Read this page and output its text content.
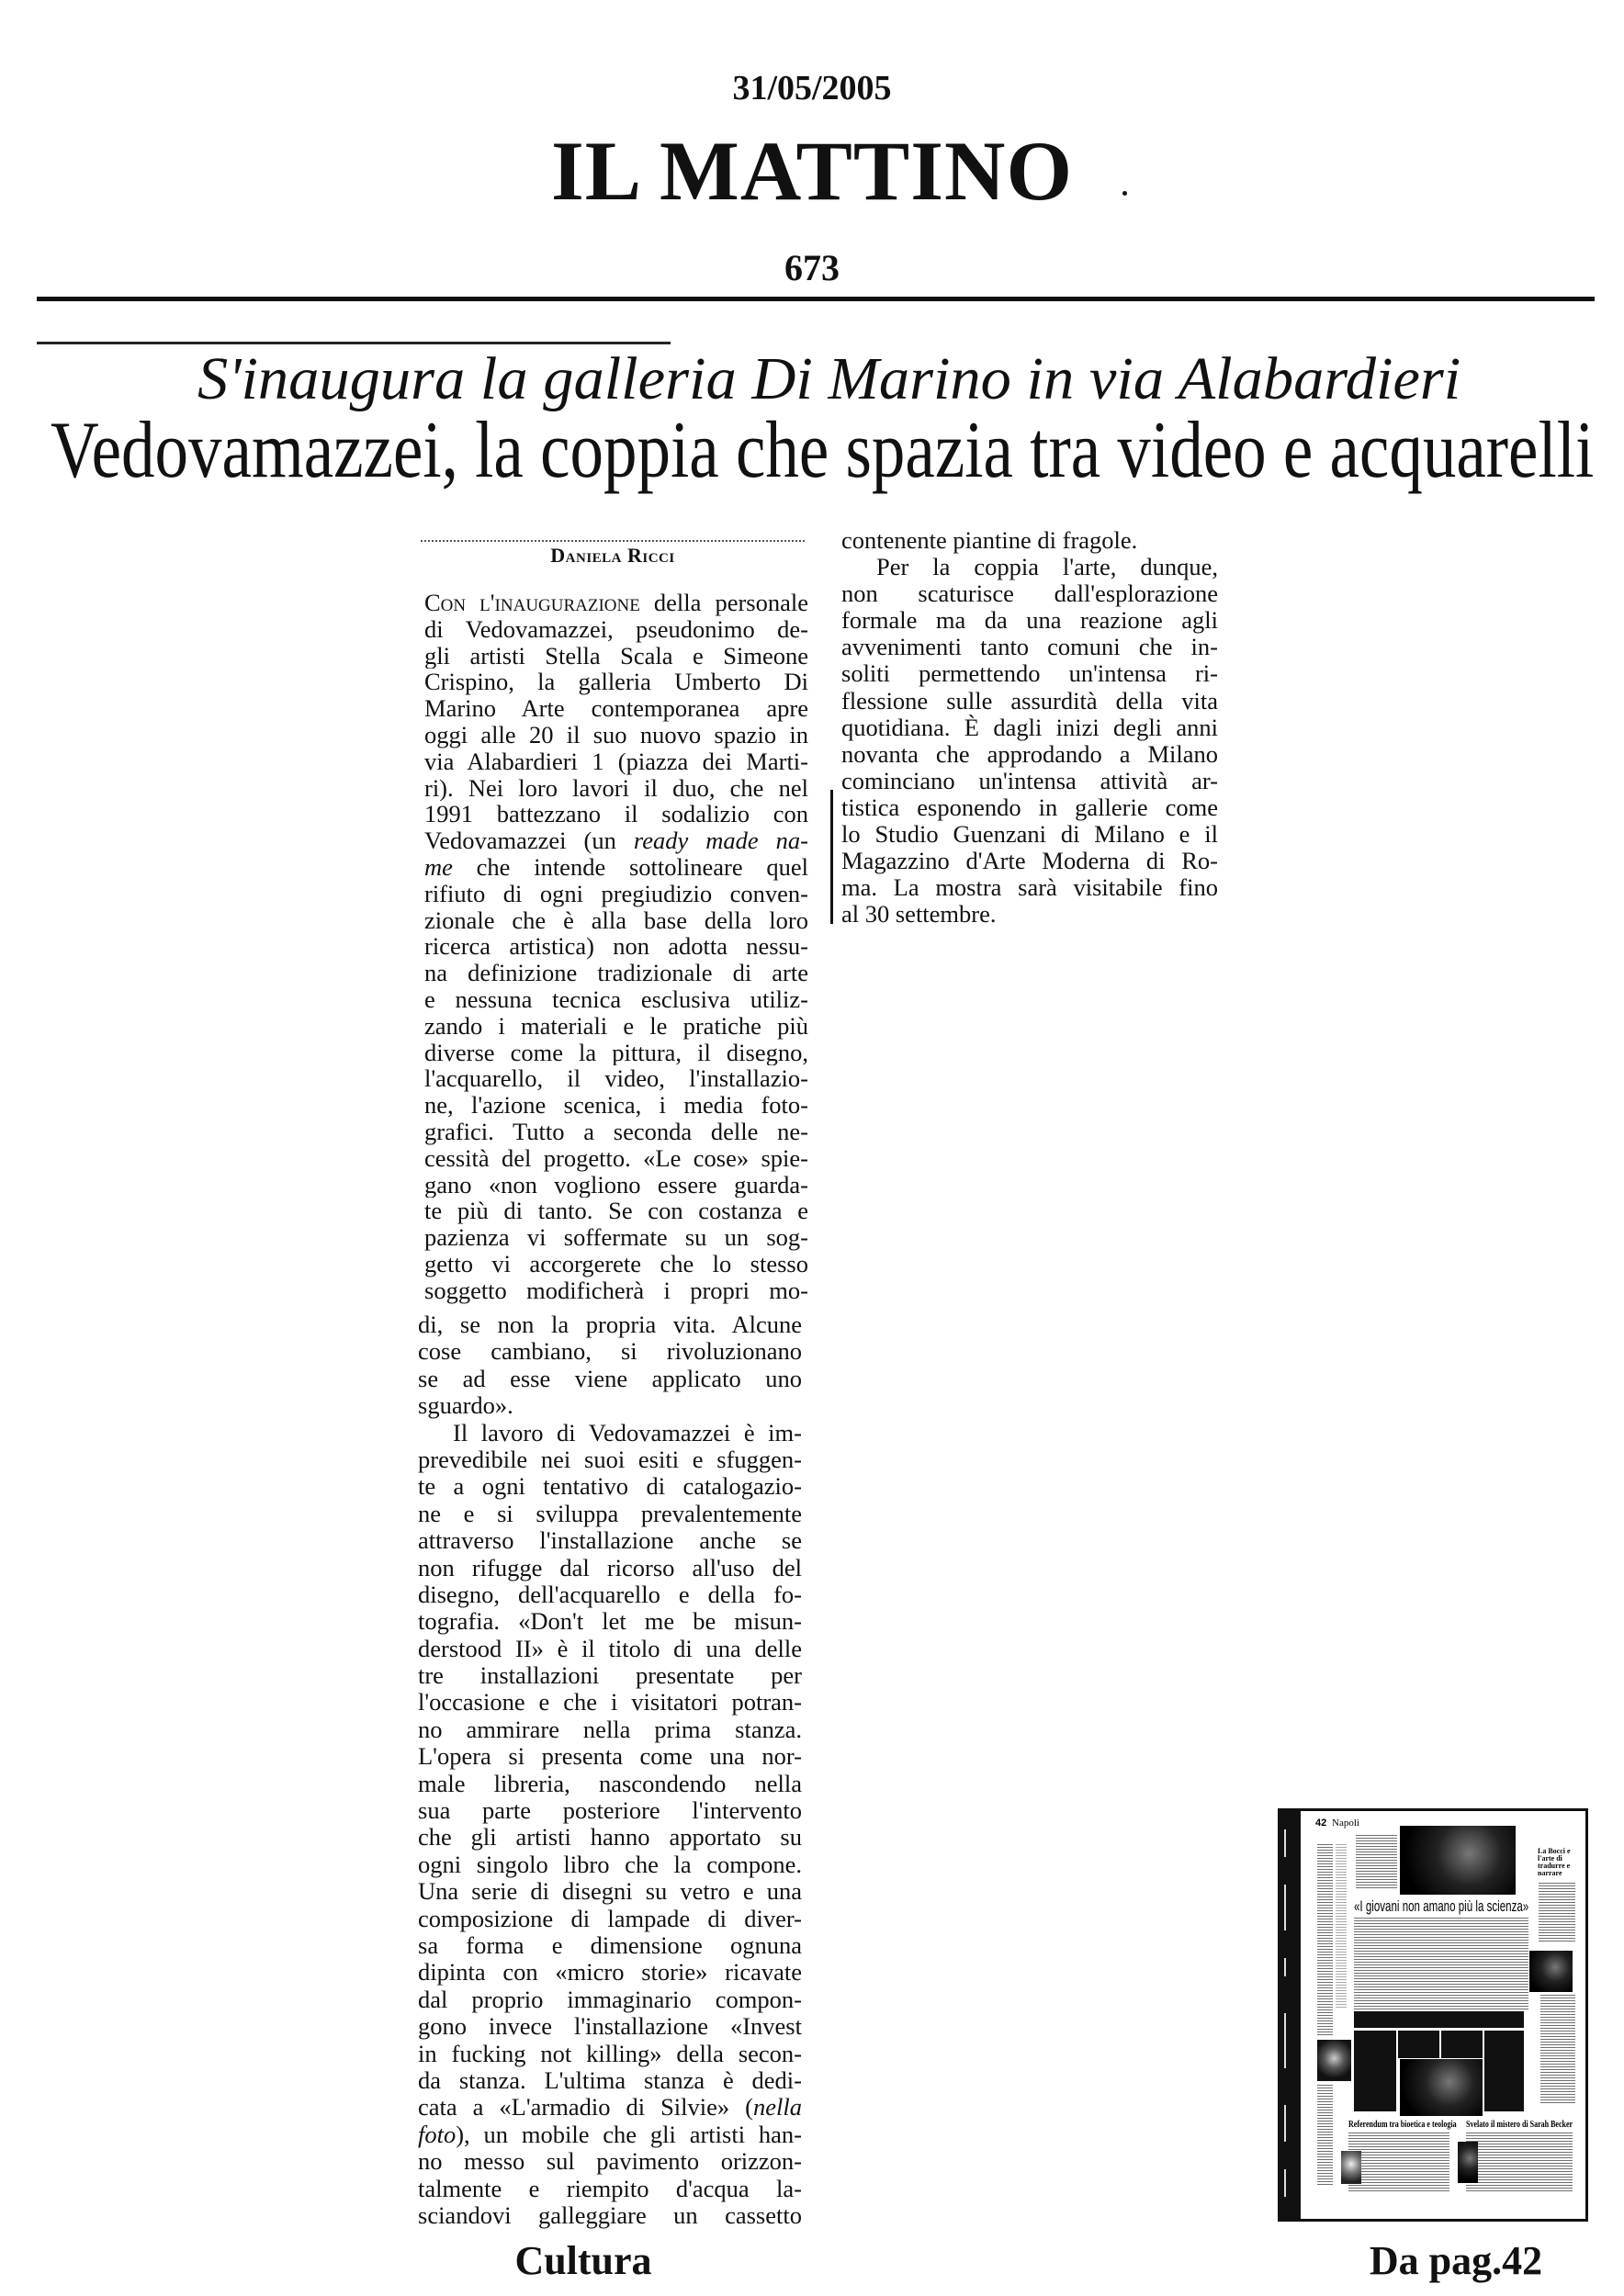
31/05/2005
IL MATTINO
673
S'inaugura la galleria Di Marino in via Alabardieri
Vedovamazzei, la coppia che spazia tra video e acquarelli
Daniela Ricci
Con l'inaugurazione della personale
di Vedovamazzei, pseudonimo de-
gli artisti Stella Scala e Simeone
Crispino, la galleria Umberto Di
Marino Arte contemporanea apre
oggi alle 20 il suo nuovo spazio in
via Alabardieri 1 (piazza dei Marti-
ri). Nei loro lavori il duo, che nel
1991 battezzano il sodalizio con
Vedovamazzei (un ready made na-
me che intende sottolineare quel
rifiuto di ogni pregiudizio conven-
zionale che è alla base della loro
ricerca artistica) non adotta nessu-
na definizione tradizionale di arte
e nessuna tecnica esclusiva utiliz-
zando i materiali e le pratiche più
diverse come la pittura, il disegno,
l'acquarello, il video, l'installazio-
ne, l'azione scenica, i media foto-
grafici. Tutto a seconda delle ne-
cessità del progetto. «Le cose» spie-
gano «non vogliono essere guarda-
te più di tanto. Se con costanza e
pazienza vi soffermate su un sog-
getto vi accorgerete che lo stesso
soggetto modificherà i propri mo-
di, se non la propria vita. Alcune
cose cambiano, si rivoluzionano
se ad esse viene applicato uno
sguardo».
Il lavoro di Vedovamazzei è im-
prevedibile nei suoi esiti e sfuggen-
te a ogni tentativo di catalogazio-
ne e si sviluppa prevalentemente
attraverso l'installazione anche se
non rifugge dal ricorso all'uso del
disegno, dell'acquarello e della fo-
tografia. «Don't let me be misun-
derstood II» è il titolo di una delle
tre installazioni presentate per
l'occasione e che i visitatori potran-
no ammirare nella prima stanza.
L'opera si presenta come una nor-
male libreria, nascondendo nella
sua parte posteriore l'intervento
che gli artisti hanno apportato su
ogni singolo libro che la compone.
Una serie di disegni su vetro e una
composizione di lampade di diver-
sa forma e dimensione ognuna
dipinta con «micro storie» ricavate
dal proprio immaginario compon-
gono invece l'installazione «Invest
in fucking not killing» della secon-
da stanza. L'ultima stanza è dedi-
cata a «L'armadio di Silvie» (nella
foto), un mobile che gli artisti han-
no messo sul pavimento orizzon-
talmente e riempito d'acqua la-
sciandovi galleggiare un cassetto
contenente piantine di fragole.
Per la coppia l'arte, dunque,
non scaturisce dall'esplorazione
formale ma da una reazione agli
avvenimenti tanto comuni che in-
soliti permettendo un'intensa ri-
flessione sulle assurdità della vita
quotidiana. È dagli inizi degli anni
novanta che approdando a Milano
cominciano un'intensa attività ar-
tistica esponendo in gallerie come
lo Studio Guenzani di Milano e il
Magazzino d'Arte Moderna di Ro-
ma. La mostra sarà visitabile fino
al 30 settembre.
42 Napoli
«I giovani non amano più la scienza»
La Bocci e l'arte di tradurre e narrare
Referendum tra bioetica e teologia Svelato il mistero di Sarah Becker
Cultura	Da pag.42
